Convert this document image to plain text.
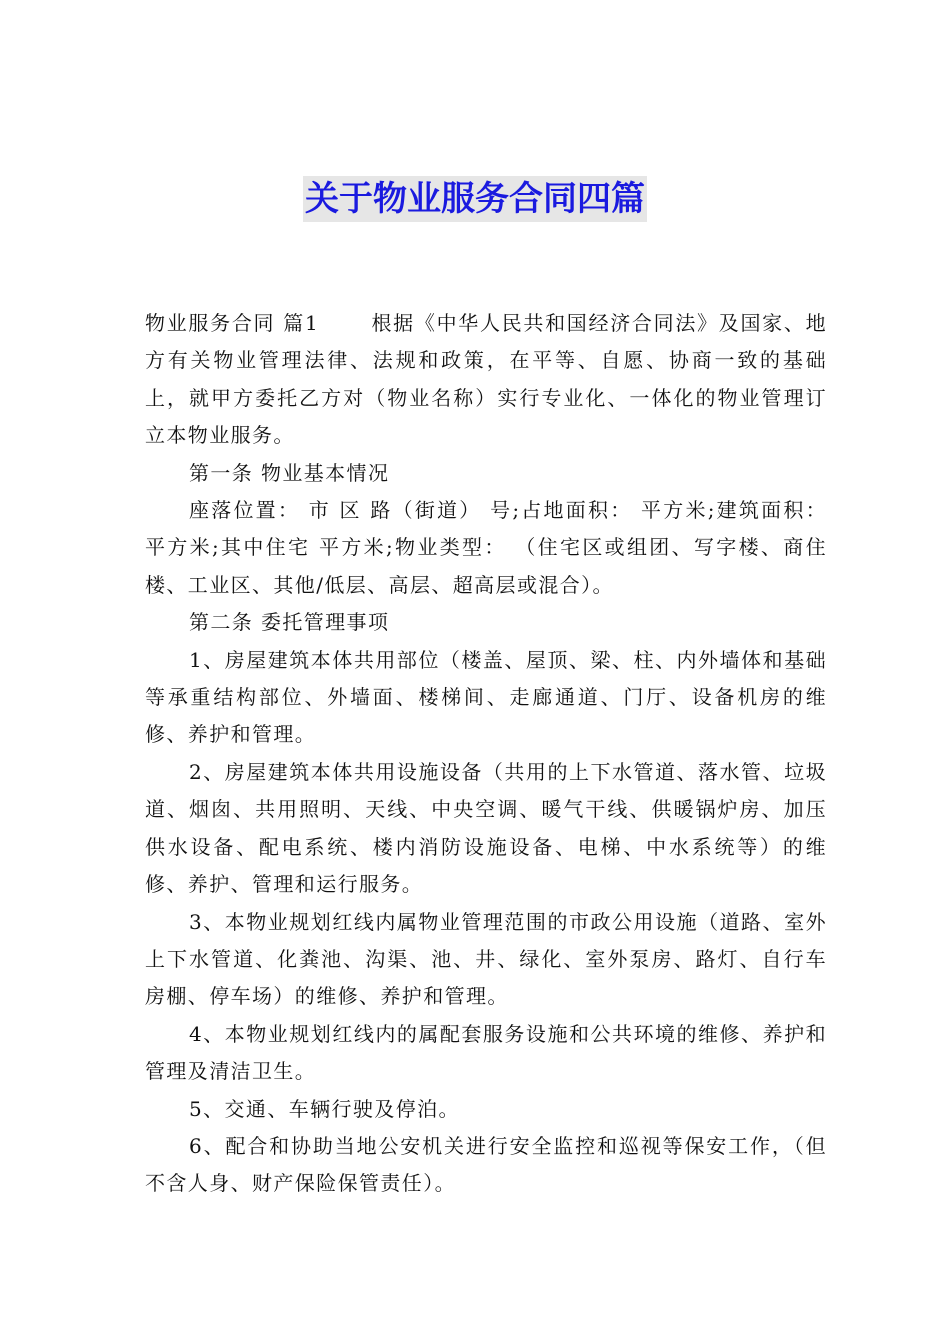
关于物业服务合同四篇

物业服务合同 篇1	根据《中华人民共和国经济合同法》及国家、地方有关物业管理法律、法规和政策，在平等、自愿、协商一致的基础上，就甲方委托乙方对（物业名称）实行专业化、一体化的物业管理订立本物业服务。

第一条 物业基本情况

座落位置： 市 区 路（街道） 号;占地面积： 平方米;建筑面积： 平方米;其中住宅 平方米;物业类型： （住宅区或组团、写字楼、商住楼、工业区、其他/低层、高层、超高层或混合）。

第二条 委托管理事项

1、房屋建筑本体共用部位（楼盖、屋顶、梁、柱、内外墙体和基础等承重结构部位、外墙面、楼梯间、走廊通道、门厅、设备机房的维修、养护和管理。

2、房屋建筑本体共用设施设备（共用的上下水管道、落水管、垃圾道、烟囱、共用照明、天线、中央空调、暖气干线、供暖锅炉房、加压供水设备、配电系统、楼内消防设施设备、电梯、中水系统等）的维修、养护、管理和运行服务。

3、本物业规划红线内属物业管理范围的市政公用设施（道路、室外上下水管道、化粪池、沟渠、池、井、绿化、室外泵房、路灯、自行车房棚、停车场）的维修、养护和管理。

4、本物业规划红线内的属配套服务设施和公共环境的维修、养护和管理及清洁卫生。

5、交通、车辆行驶及停泊。

6、配合和协助当地公安机关进行安全监控和巡视等保安工作，（但不含人身、财产保险保管责任）。
